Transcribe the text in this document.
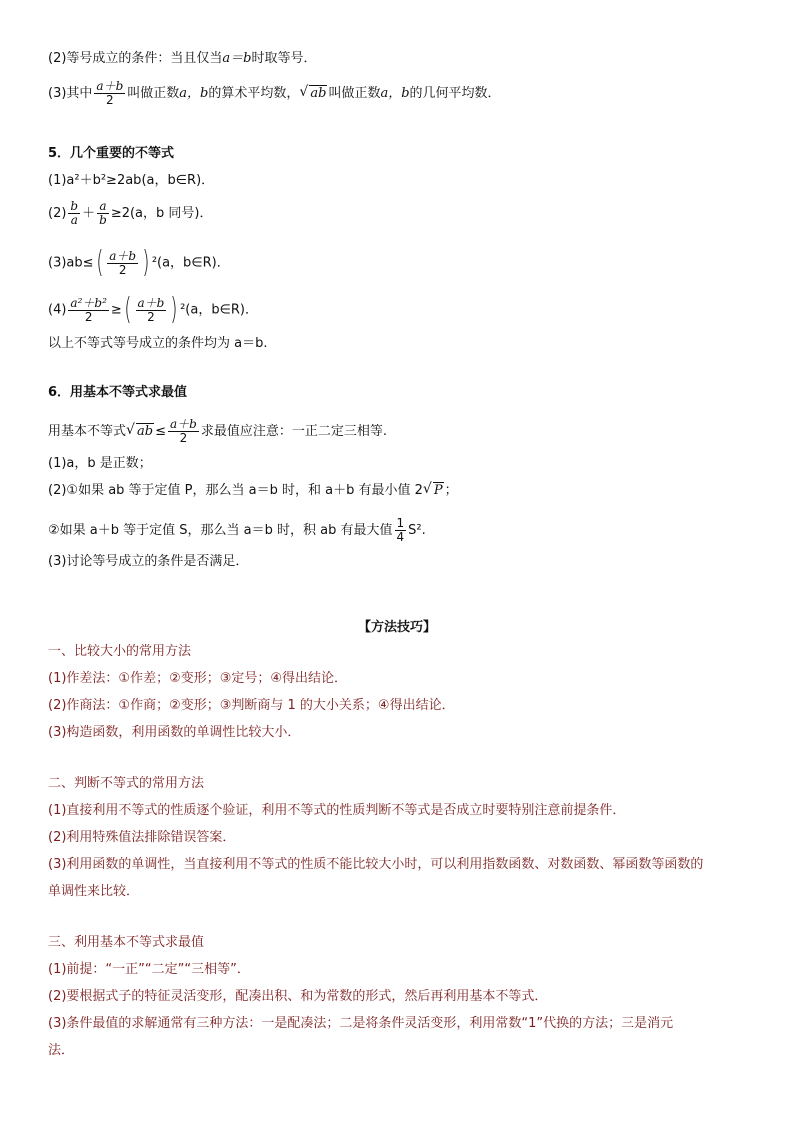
(2)等号成立的条件：当且仅当a＝b时取等号．
(3)其中 $\frac{a+b}{2}$ 叫做正数a，b的算术平均数， √ ab 叫做正数a，b的几何平均数．
5．几个重要的不等式
(1)a²＋b²≥2ab(a，b∈R)．
$(2) \frac{b}{a} + \frac{a}{b} \ge 2(a$，b 同号)．
$(3)ab\le( \frac{a+b}{2}$ ) ²(a，b∈R)．
$(4) \frac{\text{a²＋b²}}{2}$ ≥( $\frac{a+b}{2}$ ) ²(a，b∈R)．
以上不等式等号成立的条件均为 a＝b.
6．用基本不等式求最值
用基本不等式 √ ab ≤ $\frac{a+b}{2}$ 求最值应注意：一正二定三相等.
(1)a，b 是正数；
(2)①如果 ab 等于定值 P，那么当 a＝b 时，和 a＋b 有最小值 2 √ P ；
②如果 a＋b 等于定值 S，那么当 a＝b 时，积 ab 有最大值 $\frac{1}{4} S^2$.
(3)讨论等号成立的条件是否满足．
【方法技巧】
一、比较大小的常用方法
(1)作差法：①作差；②变形；③定号；④得出结论．
(2)作商法：①作商；②变形；③判断商与 1 的大小关系；④得出结论．
(3)构造函数，利用函数的单调性比较大小．
二、判断不等式的常用方法
(1)直接利用不等式的性质逐个验证，利用不等式的性质判断不等式是否成立时要特别注意前提条件．
(2)利用特殊值法排除错误答案．
(3)利用函数的单调性，当直接利用不等式的性质不能比较大小时，可以利用指数函数、对数函数、幂函数等函数的
单调性来比较．
三、利用基本不等式求最值
(1)前提：“一正”“二定”“三相等”．
(2)要根据式子的特征灵活变形，配凑出积、和为常数的形式，然后再利用基本不等式．
(3)条件最值的求解通常有三种方法：一是配凑法；二是将条件灵活变形，利用常数“1”代换的方法；三是消元
法．
